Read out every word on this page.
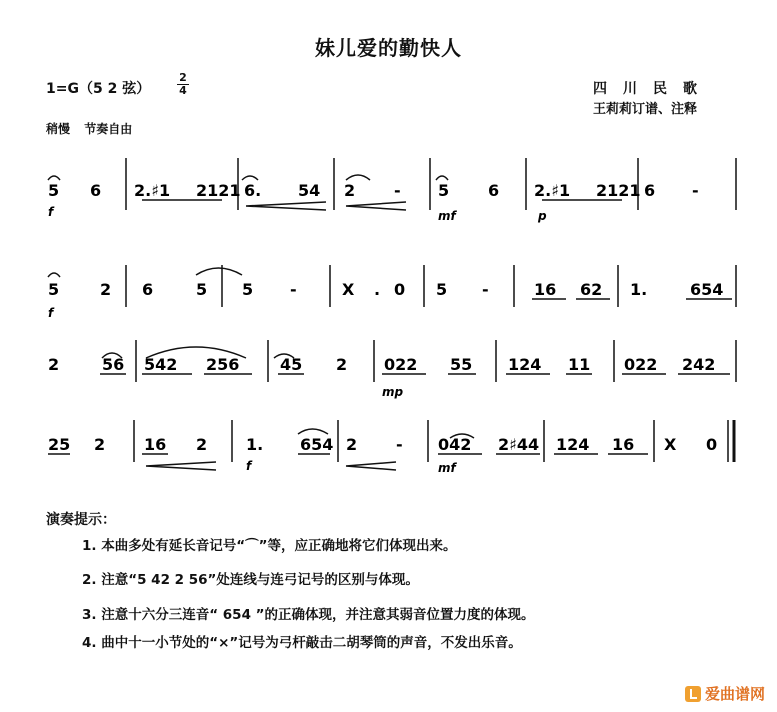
妹儿爱的勤快人
1=G（5 2 弦）
2
4	四川民歌
王莉莉订谱、注释
稍慢 节奏自由
5 6 2.♯1 2121 6. 54 2 - 5 6 2.♯1 2121 6 -
f	mf	p
5	2 6	5 5 -	X . 0 5 -	16 62 1.	654
f
2	56 542 256	45 2 022 55 124 11 022 242
mp
25 2 16 2 1. 654 2 - 042 2♯44 124 16 X 0
f	mf
演奏提示：
1. 本曲多处有延长音记号“⌒”等，应正确地将它们体现出来。
2. 注意“5 42 2 56”处连线与连弓记号的区别与体现。
3. 注意十六分三连音“ 654 ”的正确体现，并注意其弱音位置力度的体现。
4. 曲中十一小节处的“×”记号为弓杆敲击二胡琴筒的声音，不发出乐音。
爱曲谱网
